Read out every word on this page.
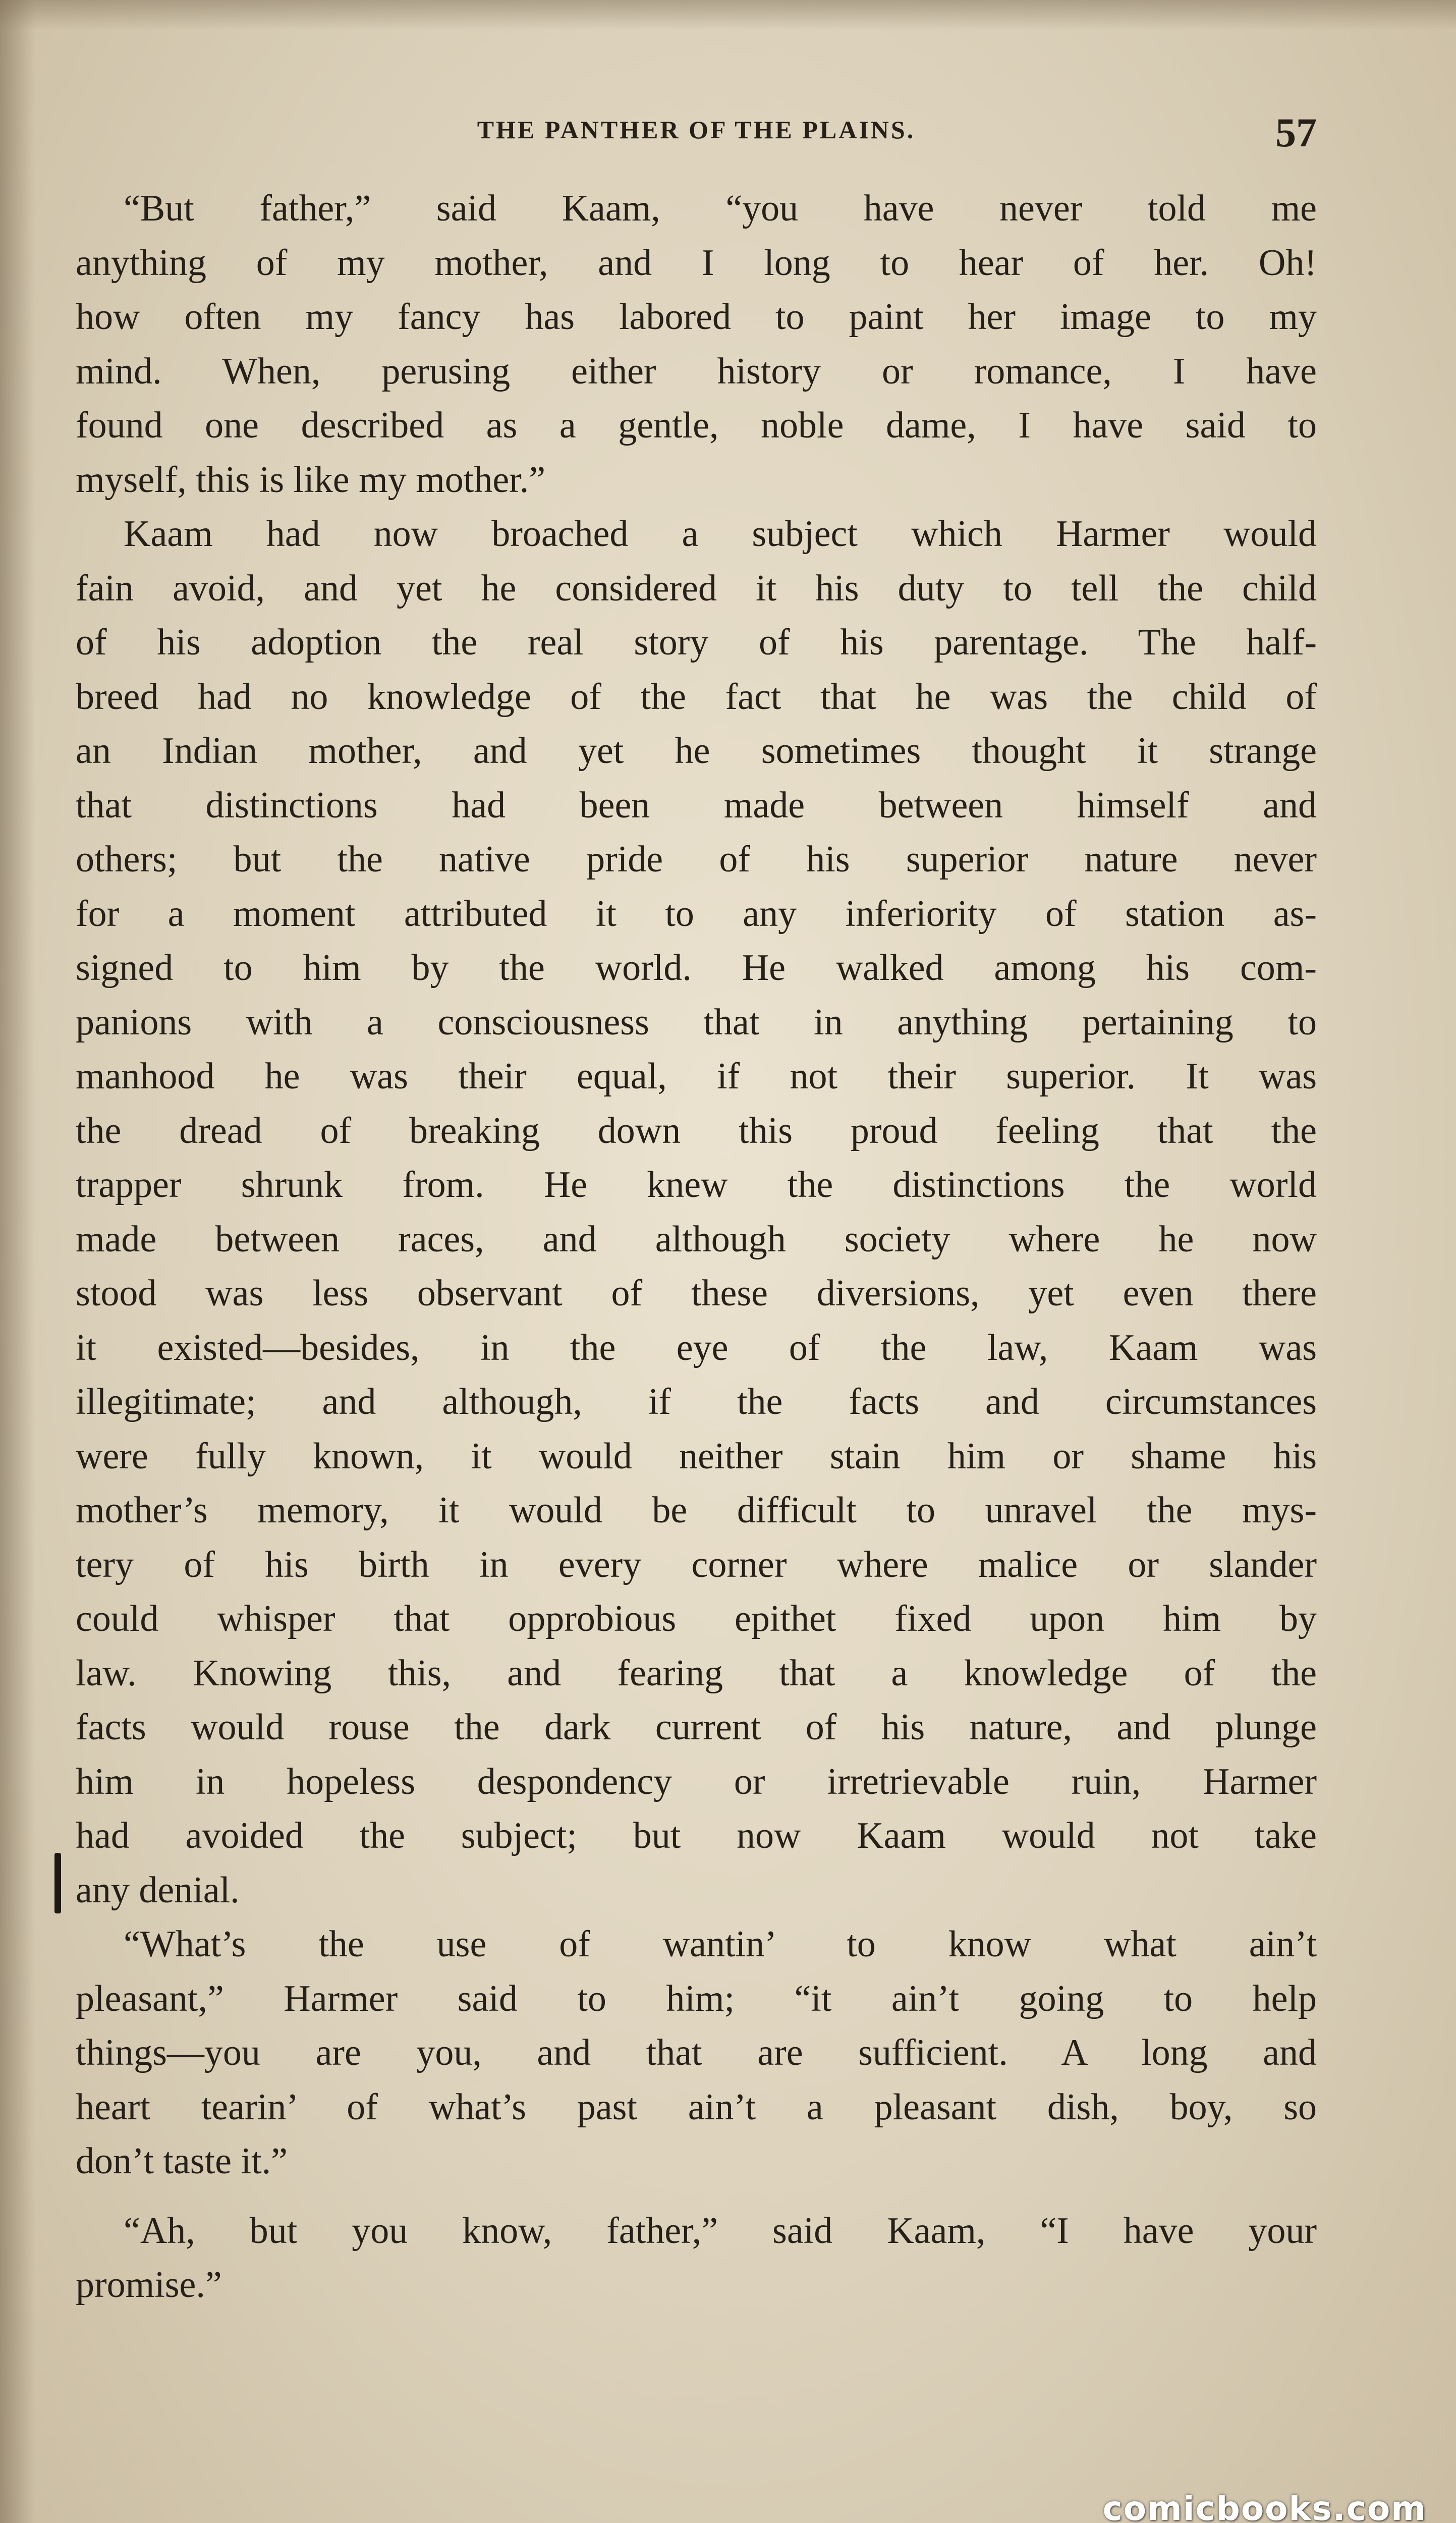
THE PANTHER OF THE PLAINS.	57
“But father,” said Kaam, “you have never told me
anything of my mother, and I long to hear of her. Oh!
how often my fancy has labored to paint her image to my
mind. When, perusing either history or romance, I have
found one described as a gentle, noble dame, I have said to
myself, this is like my mother.”
Kaam had now broached a subject which Harmer would
fain avoid, and yet he considered it his duty to tell the child
of his adoption the real story of his parentage. The half-
breed had no knowledge of the fact that he was the child of
an Indian mother, and yet he sometimes thought it strange
that distinctions had been made between himself and
others; but the native pride of his superior nature never
for a moment attributed it to any inferiority of station as-
signed to him by the world. He walked among his com-
panions with a consciousness that in anything pertaining to
manhood he was their equal, if not their superior. It was
the dread of breaking down this proud feeling that the
trapper shrunk from. He knew the distinctions the world
made between races, and although society where he now
stood was less observant of these diversions, yet even there
it existed—besides, in the eye of the law, Kaam was
illegitimate; and although, if the facts and circumstances
were fully known, it would neither stain him or shame his
mother’s memory, it would be difficult to unravel the mys-
tery of his birth in every corner where malice or slander
could whisper that opprobious epithet fixed upon him by
law. Knowing this, and fearing that a knowledge of the
facts would rouse the dark current of his nature, and plunge
him in hopeless despondency or irretrievable ruin, Harmer
had avoided the subject; but now Kaam would not take
any denial.
“What’s the use of wantin’ to know what ain’t
pleasant,” Harmer said to him; “it ain’t going to help
things—you are you, and that are sufficient. A long and
heart tearin’ of what’s past ain’t a pleasant dish, boy, so
don’t taste it.”
“Ah, but you know, father,” said Kaam, “I have your
promise.”
comicbooks.com
